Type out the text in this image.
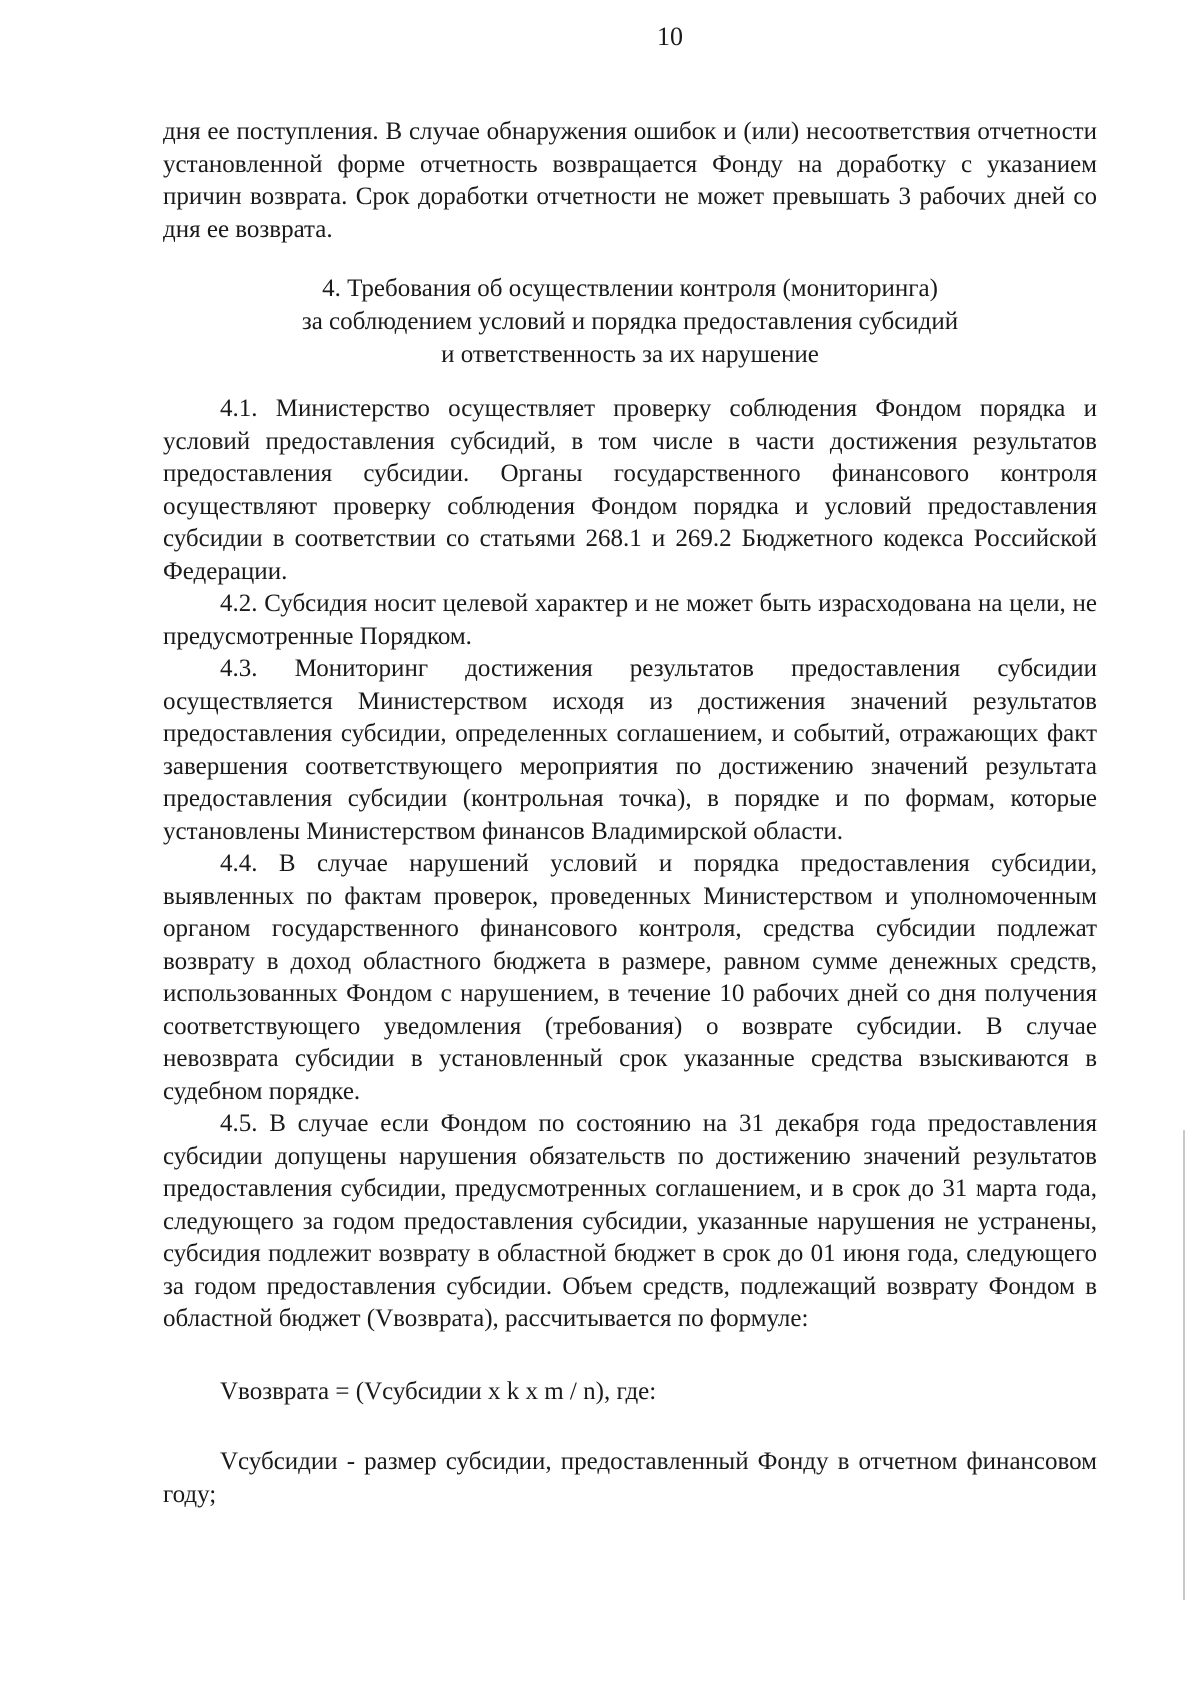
10

дня ее поступления. В случае обнаружения ошибок и (или) несоответствия отчетности установленной форме отчетность возвращается Фонду на доработку с указанием причин возврата. Срок доработки отчетности не может превышать 3 рабочих дней со дня ее возврата.

4. Требования об осуществлении контроля (мониторинга)
за соблюдением условий и порядка предоставления субсидий
и ответственность за их нарушение

4.1. Министерство осуществляет проверку соблюдения Фондом порядка и условий предоставления субсидий, в том числе в части достижения результатов предоставления субсидии. Органы государственного финансового контроля осуществляют проверку соблюдения Фондом порядка и условий предоставления субсидии в соответствии со статьями 268.1 и 269.2 Бюджетного кодекса Российской Федерации.

4.2. Субсидия носит целевой характер и не может быть израсходована на цели, не предусмотренные Порядком.

4.3. Мониторинг достижения результатов предоставления субсидии осуществляется Министерством исходя из достижения значений результатов предоставления субсидии, определенных соглашением, и событий, отражающих факт завершения соответствующего мероприятия по достижению значений результата предоставления субсидии (контрольная точка), в порядке и по формам, которые установлены Министерством финансов Владимирской области.

4.4. В случае нарушений условий и порядка предоставления субсидии, выявленных по фактам проверок, проведенных Министерством и уполномоченным органом государственного финансового контроля, средства субсидии подлежат возврату в доход областного бюджета в размере, равном сумме денежных средств, использованных Фондом с нарушением, в течение 10 рабочих дней со дня получения соответствующего уведомления (требования) о возврате субсидии. В случае невозврата субсидии в установленный срок указанные средства взыскиваются в судебном порядке.

4.5. В случае если Фондом по состоянию на 31 декабря года предоставления субсидии допущены нарушения обязательств по достижению значений результатов предоставления субсидии, предусмотренных соглашением, и в срок до 31 марта года, следующего за годом предоставления субсидии, указанные нарушения не устранены, субсидия подлежит возврату в областной бюджет в срок до 01 июня года, следующего за годом предоставления субсидии. Объем средств, подлежащий возврату Фондом в областной бюджет (Vвозврата), рассчитывается по формуле:

Vвозврата = (Vсубсидии x k x m / n), где:

Vсубсидии - размер субсидии, предоставленный Фонду в отчетном финансовом году;
